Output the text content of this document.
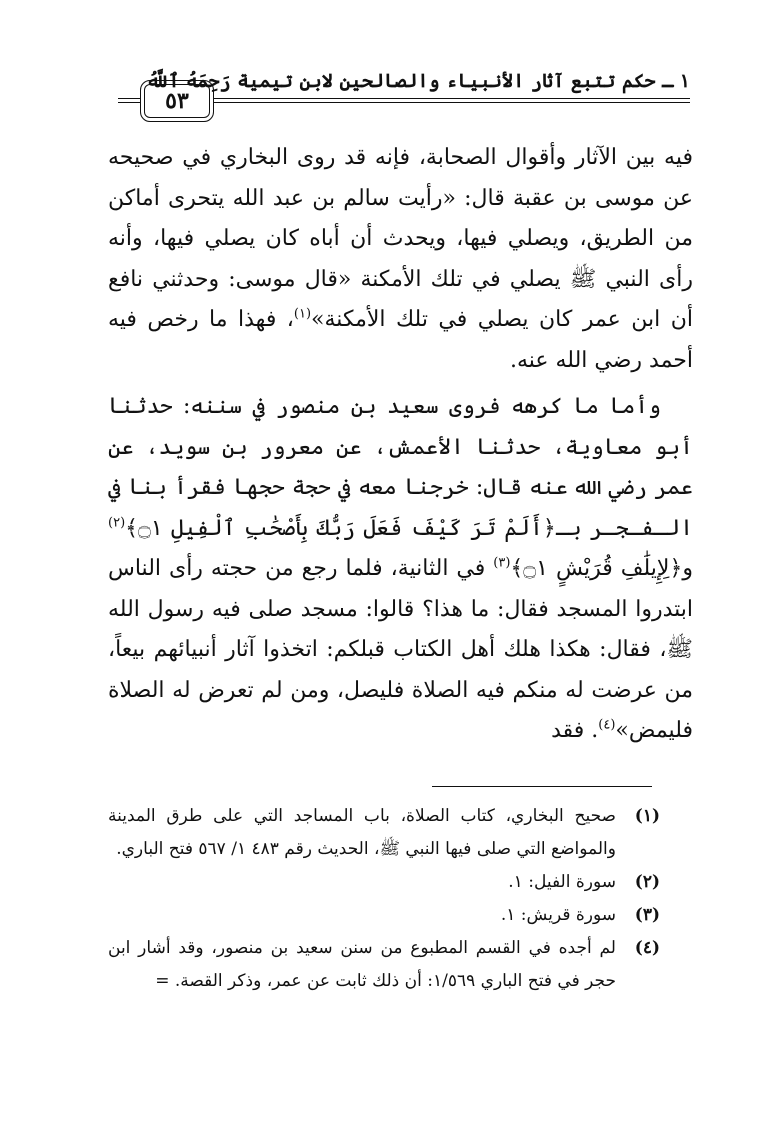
٥٣
١ ـ حكم تتبع آثار الأنبياء والصالحين لابن تيمية رَحِمَهُ ٱللَّهُ

فيه بين الآثار وأقوال الصحابة، فإنه قد روى البخاري في صحيحه عن موسى بن عقبة قال: «رأيت سالم بن عبد الله يتحرى أماكن من الطريق، ويصلي فيها، ويحدث أن أباه كان يصلي فيها، وأنه رأى النبي ﷺ يصلي في تلك الأمكنة «قال موسى: وحدثني نافع أن ابن عمر كان يصلي في تلك الأمكنة»$^{(١)}$، فهذا ما رخص فيه أحمد رضي الله عنه.

وأما ما كرهه فروى سعيد بن منصور في سننه: حدثنا أبو معاوية، حدثنا الأعمش، عن معرور بن سويد، عن عمر رضي الله عنه قال: خرجنا معه في حجة حجها فقرأ بنا في الـفـجـر بـ﴿أَلَمْ تَرَ كَيْفَ فَعَلَ رَبُّكَ بِأَصْحَٰبِ ٱلْفِيلِ ۝١﴾$^{(٢)}$ و﴿لِإِيلَٰفِ قُرَيْشٍ ۝١﴾$^{(٣)}$ في الثانية، فلما رجع من حجته رأى الناس ابتدروا المسجد فقال: ما هذا؟ قالوا: مسجد صلى فيه رسول الله ﷺ، فقال: هكذا هلك أهل الكتاب قبلكم: اتخذوا آثار أنبيائهم بيعاً، من عرضت له منكم فيه الصلاة فليصل، ومن لم تعرض له الصلاة فليمض»$^{(٤)}$. فقد

(١)
صحيح البخاري، كتاب الصلاة، باب المساجد التي على طرق المدينة والمواضع التي صلى فيها النبي ﷺ، الحديث رقم ٤٨٣ ١/ ٥٦٧ فتح الباري.
(٢)
سورة الفيل: ١.
(٣)
سورة قريش: ١.
(٤)
لم أجده في القسم المطبوع من سنن سعيد بن منصور، وقد أشار ابن حجر في فتح الباري ١/٥٦٩: أن ذلك ثابت عن عمر، وذكر القصة. =
